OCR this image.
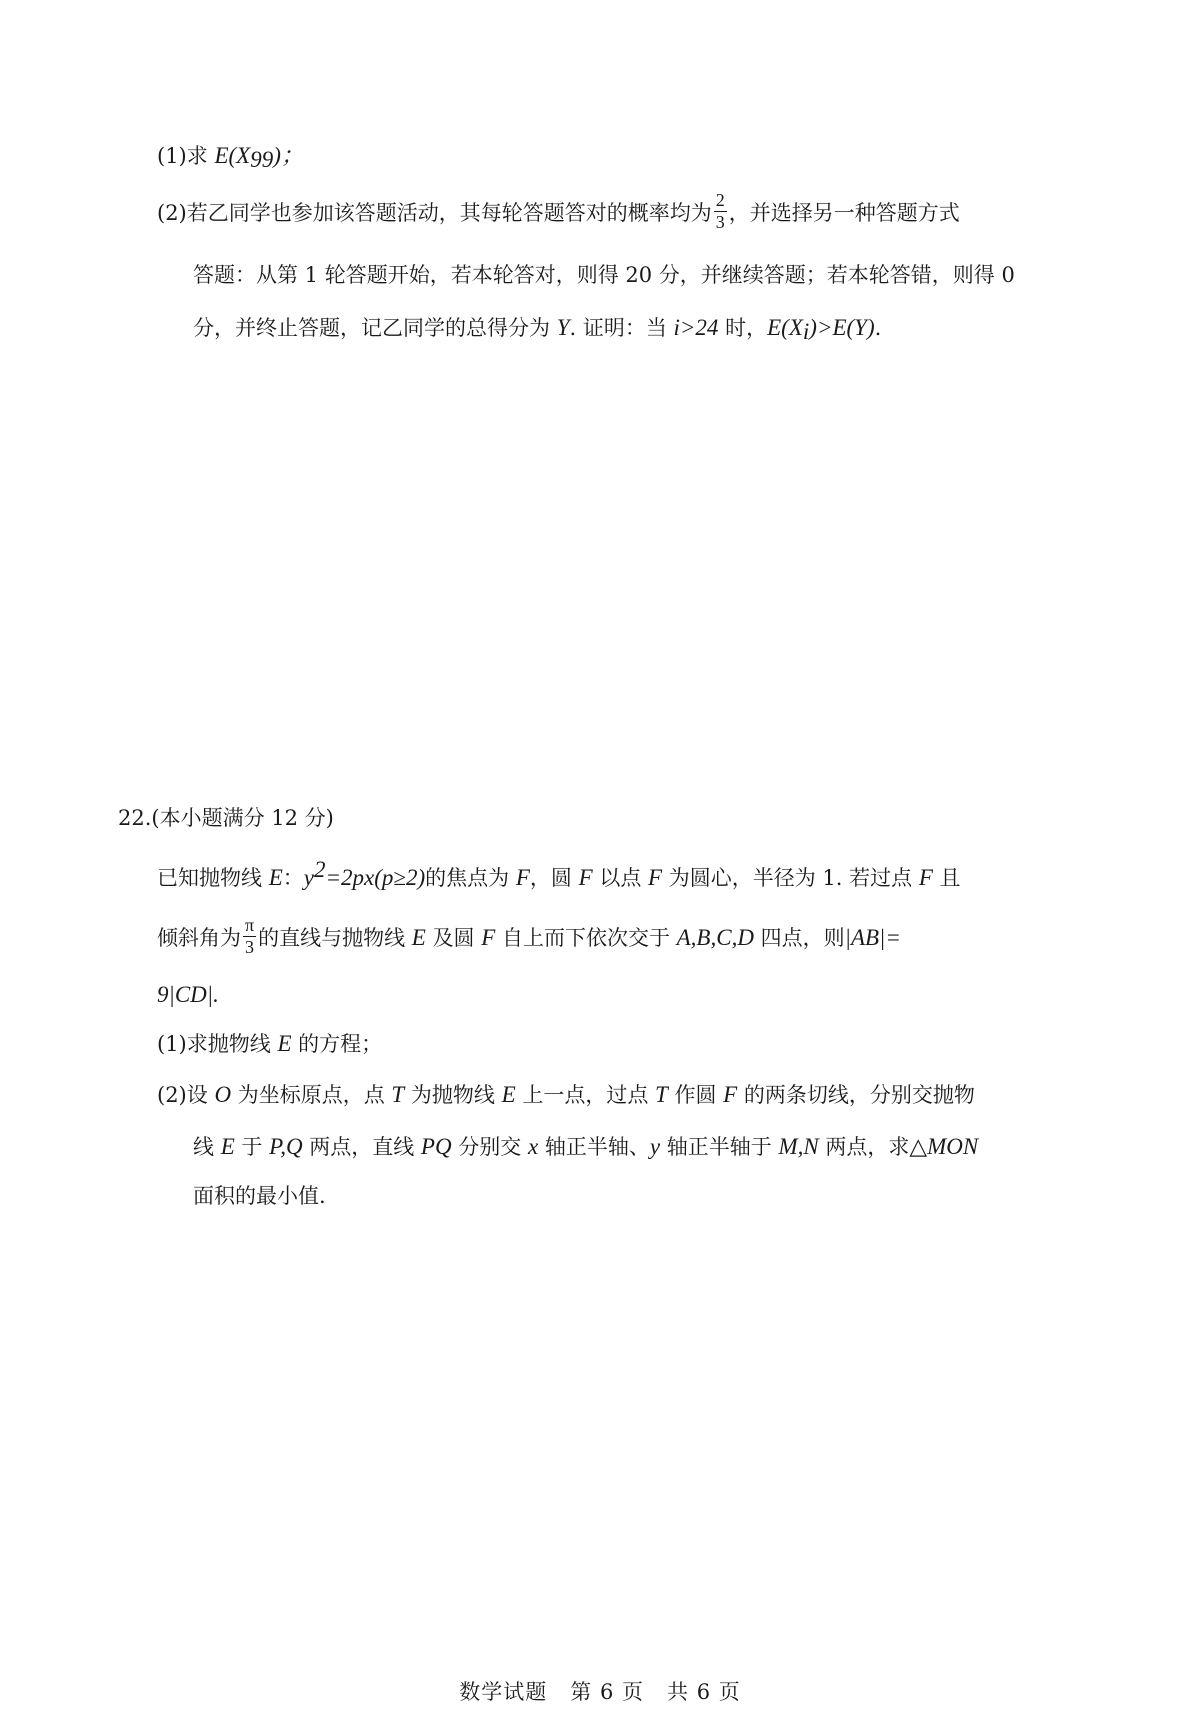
(1)求 $E(X_{99})$；
(2)若乙同学也参加该答题活动，其每轮答题答对的概率均为 $\frac{2}{3}$ ，并选择另一种答题方式
答题：从第 1 轮答题开始，若本轮答对，则得 20 分，并继续答题；若本轮答错，则得 0
分，并终止答题，记乙同学的总得分为 Y. 证明：当 i>24 时，$E(X_i)>E(Y)$.
22.(本小题满分 12 分)
已知抛物线 E：$y^2=2px(p\ge 2)$的焦点为 F，圆 F 以点 F 为圆心，半径为 1. 若过点 F 且
倾斜角为 $\frac{\pi}{3}$ 的直线与抛物线 E 及圆 F 自上而下依次交于 A,B,C,D 四点，则|AB|=
9|CD|.
(1)求抛物线 E 的方程；
(2)设 O 为坐标原点，点 T 为抛物线 E 上一点，过点 T 作圆 F 的两条切线，分别交抛物
线 E 于 P,Q 两点，直线 PQ 分别交 x 轴正半轴、y 轴正半轴于 M,N 两点，求△MON
面积的最小值.
数学试题   第 6 页   共 6 页
